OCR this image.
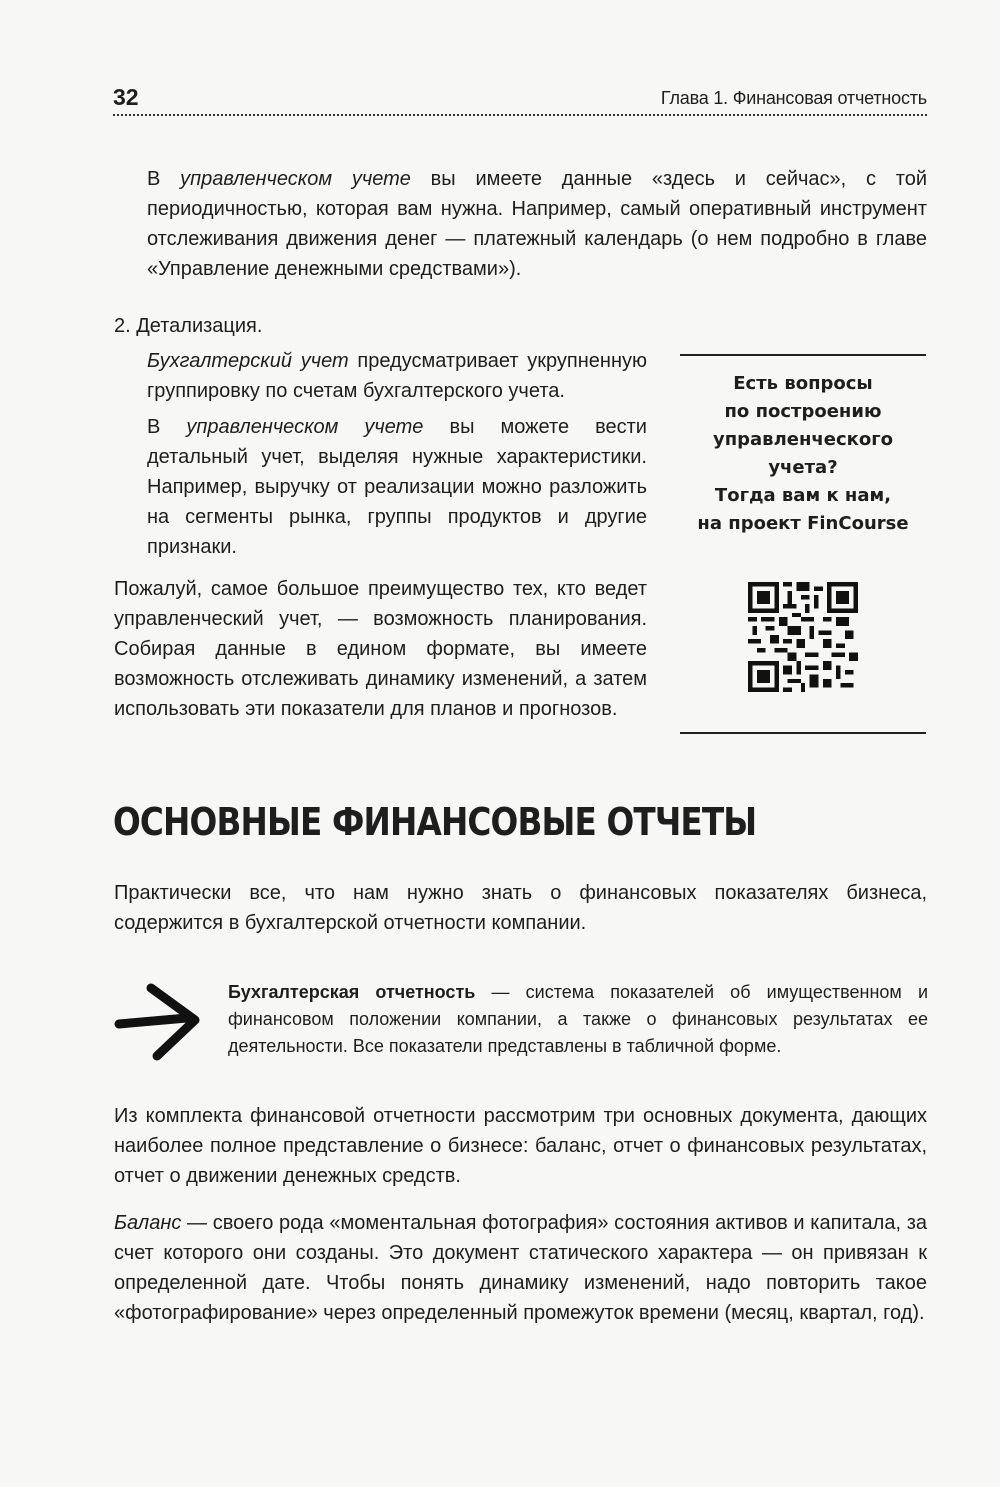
32	Глава 1. Финансовая отчетность

В управленческом учете вы имеете данные «здесь и сейчас», с той периодичностью, которая вам нужна. Например, самый оперативный инструмент отслеживания движения денег — платежный календарь (о нем подробно в главе «Управление денежными средствами»).

2. Детализация.

Бухгалтерский учет предусматривает укрупненную группировку по счетам бухгалтерского учета.

В управленческом учете вы можете вести детальный учет, выделяя нужные характеристики. Например, выручку от реализации можно разложить на сегменты рынка, группы продуктов и другие признаки.

Пожалуй, самое большое преимущество тех, кто ведет управленческий учет, — возможность планирования. Собирая данные в едином формате, вы имеете возможность отслеживать динамику изменений, а затем использовать эти показатели для планов и прогнозов.

Есть вопросы
по построению
управленческого
учета?
Тогда вам к нам,
на проект FinCourse
ОСНОВНЫЕ ФИНАНСОВЫЕ ОТЧЕТЫ

Практически все, что нам нужно знать о финансовых показателях бизнеса, содержится в бухгалтерской отчетности компании.

Бухгалтерская отчетность — система показателей об имущественном и финансовом положении компании, а также о финансовых результатах ее деятельности. Все показатели представлены в табличной форме.

Из комплекта финансовой отчетности рассмотрим три основных документа, дающих наиболее полное представление о бизнесе: баланс, отчет о финансовых результатах, отчет о движении денежных средств.

Баланс — своего рода «моментальная фотография» состояния активов и капитала, за счет которого они созданы. Это документ статического характера — он привязан к определенной дате. Чтобы понять динамику изменений, надо повторить такое «фотографирование» через определенный промежуток времени (месяц, квартал, год).
